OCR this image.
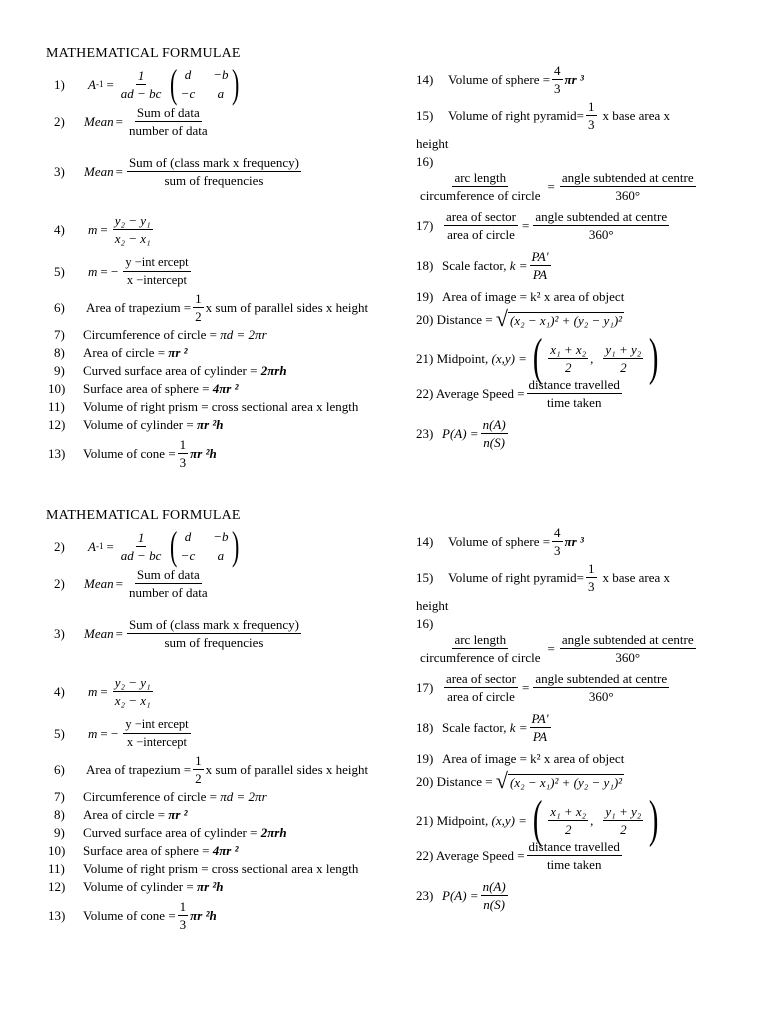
MATHEMATICAL FORMULAE
1)	A $-1 = \frac{1}{ad - bc}$ ( d	−b
−c	a )
2)	Mean = $\frac{\text{Sum of data}}{\text{number of data}}$
3)	Mean = $\frac{\text{Sum of (class mark x frequency)}}{\text{sum of frequencies}}$
4)	$m = \frac{\text{y₂ − y₁}}{\text{x₂ − x₁}}$
5)	m = − $\frac{\text{y −int ercept}}{\text{x −intercept}}$
6)	Area of trapezium = $\frac{1}{2}$ x sum of parallel sides x height
7)	Circumference of circle =
πd = 2πr
8)	Area of circle =
πr ²
9)	Curved surface area of cylinder =
2πrh
10)	Surface area of sphere =
4πr ²
11)	Volume of right prism = cross sectional area x length
12)	Volume of cylinder =
πr ²h
13)	Volume of cone = $\frac{1}{3}$ πr ²h
14)	Volume of sphere = $\frac{4}{3}$ πr ³
15)	Volume of right pyramid= $\frac{1}{3}$ x base area x
height
16)
$\frac{\text{arc length}}{\text{circumference of circle}} = \frac{\text{angle subtended at centre}}{360^\circ}$
$17) \frac{\text{area of sector}}{\text{area of circle}} = \frac{\text{angle subtended at centre}}{360^\circ}$
18) Scale factor,
$k = \frac{PA'}{PA}$
19) Area of image = k² x area of object
20) Distance =
√ (x₂ − x₁)² + (y₂ − y₁)²
21) Midpoint,
(x,y) = ( $\frac{\text{x₁ + x₂}}{2}$ , $\frac{\text{y₁ + y₂}}{2}$ )
22) Average Speed = $\frac{\text{distance travelled}}{\text{time taken}}$
23) $P(A) = \frac{n(A)}{n(S)}$
MATHEMATICAL FORMULAE
2)	A $-1 = \frac{1}{ad - bc}$ ( d	−b
−c	a )
2)	Mean = $\frac{\text{Sum of data}}{\text{number of data}}$
3)	Mean = $\frac{\text{Sum of (class mark x frequency)}}{\text{sum of frequencies}}$
4)	$m = \frac{\text{y₂ − y₁}}{\text{x₂ − x₁}}$
5)	m = − $\frac{\text{y −int ercept}}{\text{x −intercept}}$
6)	Area of trapezium = $\frac{1}{2}$ x sum of parallel sides x height
7)	Circumference of circle =
πd = 2πr
8)	Area of circle =
πr ²
9)	Curved surface area of cylinder =
2πrh
10)	Surface area of sphere =
4πr ²
11)	Volume of right prism = cross sectional area x length
12)	Volume of cylinder =
πr ²h
13)	Volume of cone = $\frac{1}{3}$ πr ²h
14)	Volume of sphere = $\frac{4}{3}$ πr ³
15)	Volume of right pyramid= $\frac{1}{3}$ x base area x
height
16)
$\frac{\text{arc length}}{\text{circumference of circle}} = \frac{\text{angle subtended at centre}}{360^\circ}$
$17) \frac{\text{area of sector}}{\text{area of circle}} = \frac{\text{angle subtended at centre}}{360^\circ}$
18) Scale factor,
$k = \frac{PA'}{PA}$
19) Area of image = k² x area of object
20) Distance =
√ (x₂ − x₁)² + (y₂ − y₁)²
21) Midpoint,
(x,y) = ( $\frac{\text{x₁ + x₂}}{2}$ , $\frac{\text{y₁ + y₂}}{2}$ )
22) Average Speed = $\frac{\text{distance travelled}}{\text{time taken}}$
23) $P(A) = \frac{n(A)}{n(S)}$
